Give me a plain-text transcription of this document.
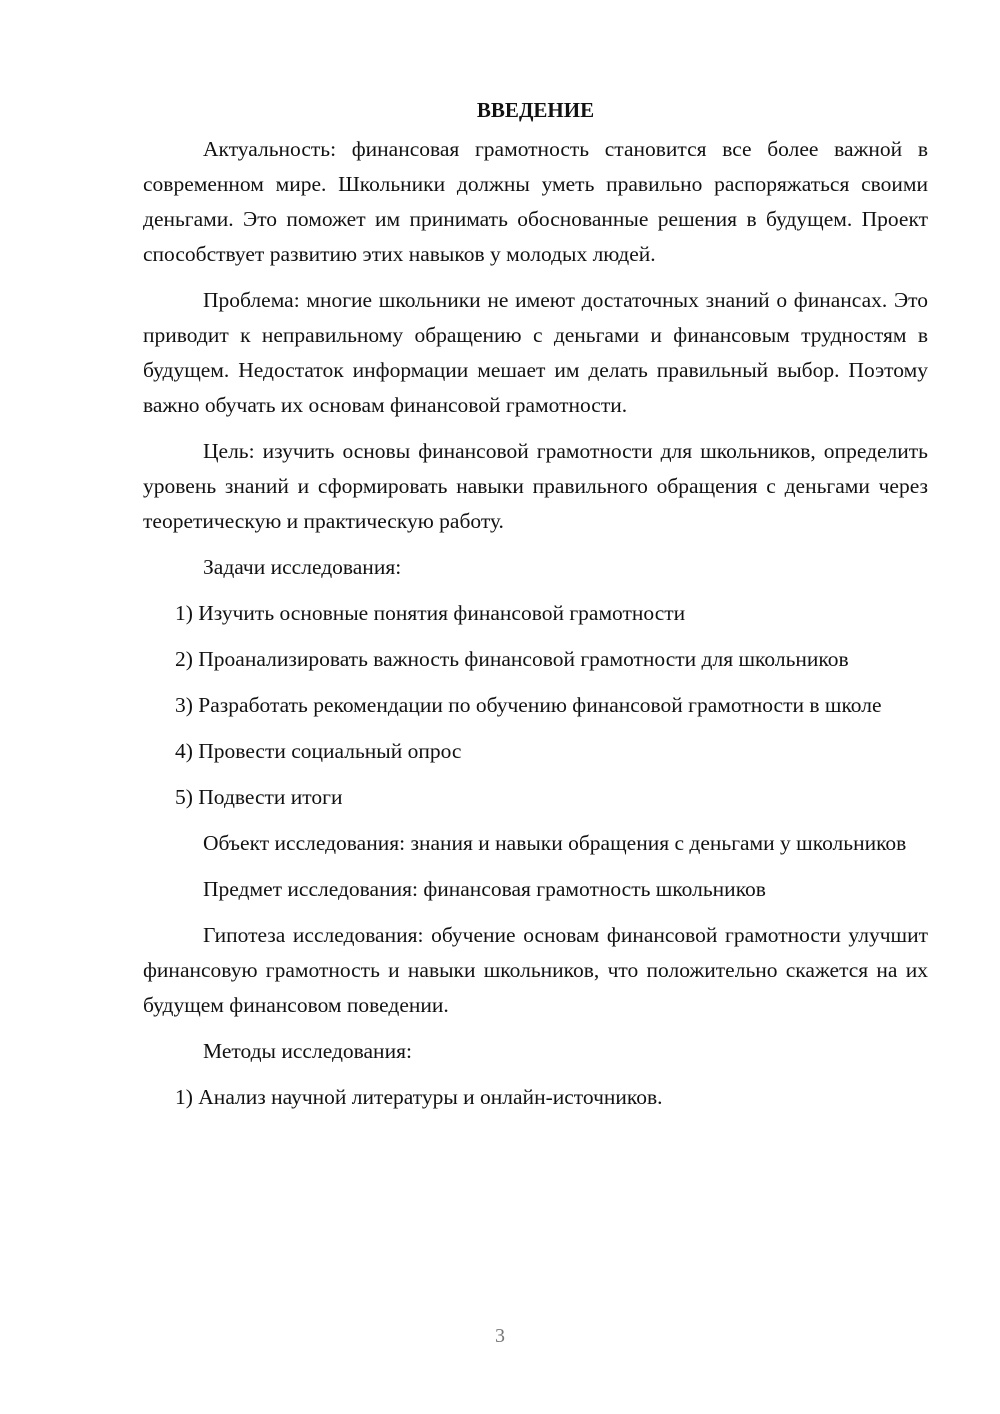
ВВЕДЕНИЕ

Актуальность: финансовая грамотность становится все более важной в современном мире. Школьники должны уметь правильно распоряжаться своими деньгами. Это поможет им принимать обоснованные решения в будущем. Проект способствует развитию этих навыков у молодых людей.

Проблема: многие школьники не имеют достаточных знаний о финансах. Это приводит к неправильному обращению с деньгами и финансовым трудностям в будущем. Недостаток информации мешает им делать правильный выбор. Поэтому важно обучать их основам финансовой грамотности.

Цель: изучить основы финансовой грамотности для школьников, определить уровень знаний и сформировать навыки правильного обращения с деньгами через теоретическую и практическую работу.

Задачи исследования:

1) Изучить основные понятия финансовой грамотности

2) Проанализировать важность финансовой грамотности для школьников

3) Разработать рекомендации по обучению финансовой грамотности в школе

4) Провести социальный опрос

5) Подвести итоги

Объект исследования: знания и навыки обращения с деньгами у школьников

Предмет исследования: финансовая грамотность школьников

Гипотеза исследования: обучение основам финансовой грамотности улучшит финансовую грамотность и навыки школьников, что положительно скажется на их будущем финансовом поведении.

Методы исследования:

1) Анализ научной литературы и онлайн-источников.

3
